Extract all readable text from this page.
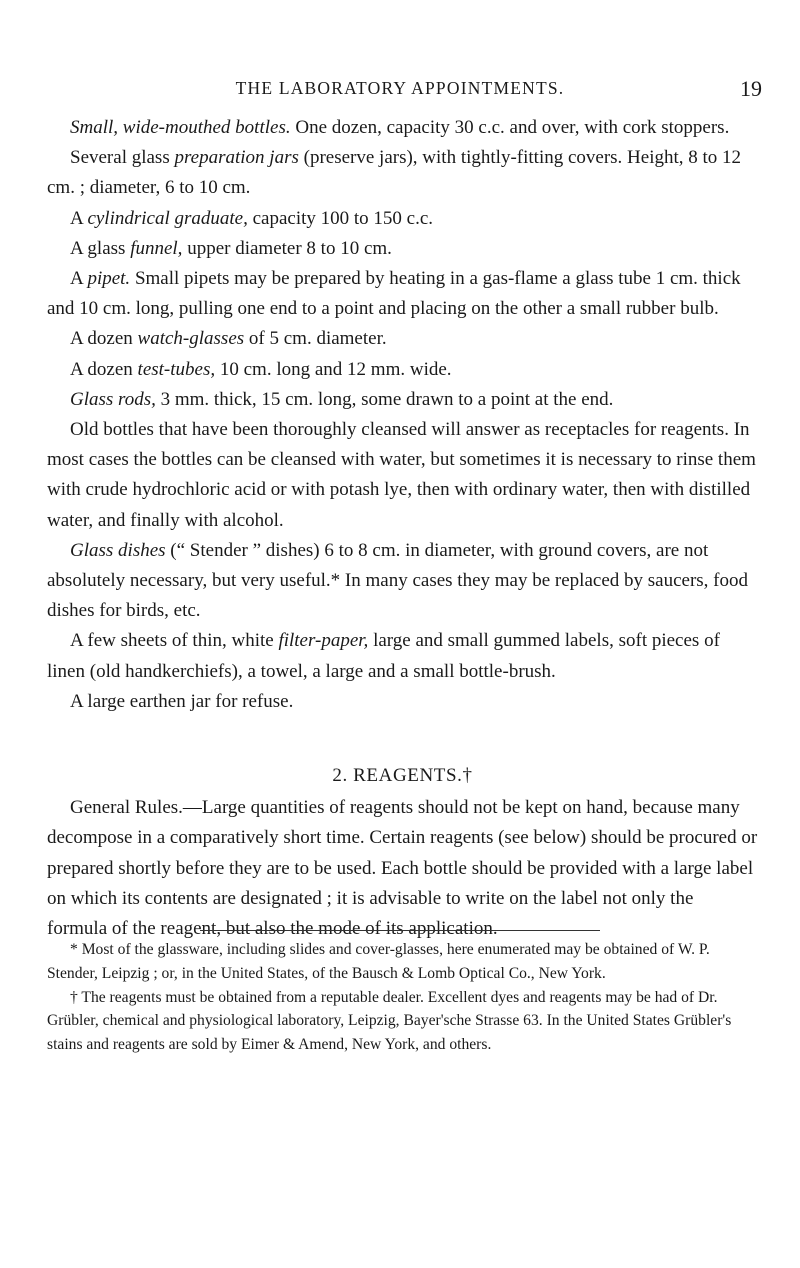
THE LABORATORY APPOINTMENTS.	19

Small, wide-mouthed bottles. One dozen, capacity 30 c.c. and over, with cork stoppers.

Several glass preparation jars (preserve jars), with tightly-fitting covers. Height, 8 to 12 cm. ; diameter, 6 to 10 cm.

A cylindrical graduate, capacity 100 to 150 c.c.

A glass funnel, upper diameter 8 to 10 cm.

A pipet. Small pipets may be prepared by heating in a gas-flame a glass tube 1 cm. thick and 10 cm. long, pulling one end to a point and placing on the other a small rubber bulb.

A dozen watch-glasses of 5 cm. diameter.

A dozen test-tubes, 10 cm. long and 12 mm. wide.

Glass rods, 3 mm. thick, 15 cm. long, some drawn to a point at the end.

Old bottles that have been thoroughly cleansed will answer as receptacles for reagents. In most cases the bottles can be cleansed with water, but sometimes it is necessary to rinse them with crude hydrochloric acid or with potash lye, then with ordinary water, then with distilled water, and finally with alcohol.

Glass dishes (“ Stender ” dishes) 6 to 8 cm. in diameter, with ground covers, are not absolutely necessary, but very useful.* In many cases they may be replaced by saucers, food dishes for birds, etc.

A few sheets of thin, white filter-paper, large and small gummed labels, soft pieces of linen (old handkerchiefs), a towel, a large and a small bottle-brush.

A large earthen jar for refuse.

2. REAGENTS.†

General Rules.—Large quantities of reagents should not be kept on hand, because many decompose in a comparatively short time. Certain reagents (see below) should be procured or prepared shortly before they are to be used. Each bottle should be provided with a large label on which its contents are designated ; it is advisable to write on the label not only the formula of the reagent, but also the mode of its application.

* Most of the glassware, including slides and cover-glasses, here enumerated may be obtained of W. P. Stender, Leipzig ; or, in the United States, of the Bausch & Lomb Optical Co., New York.

† The reagents must be obtained from a reputable dealer. Excellent dyes and reagents may be had of Dr. Grübler, chemical and physiological laboratory, Leipzig, Bayer'sche Strasse 63. In the United States Grübler's stains and reagents are sold by Eimer & Amend, New York, and others.
